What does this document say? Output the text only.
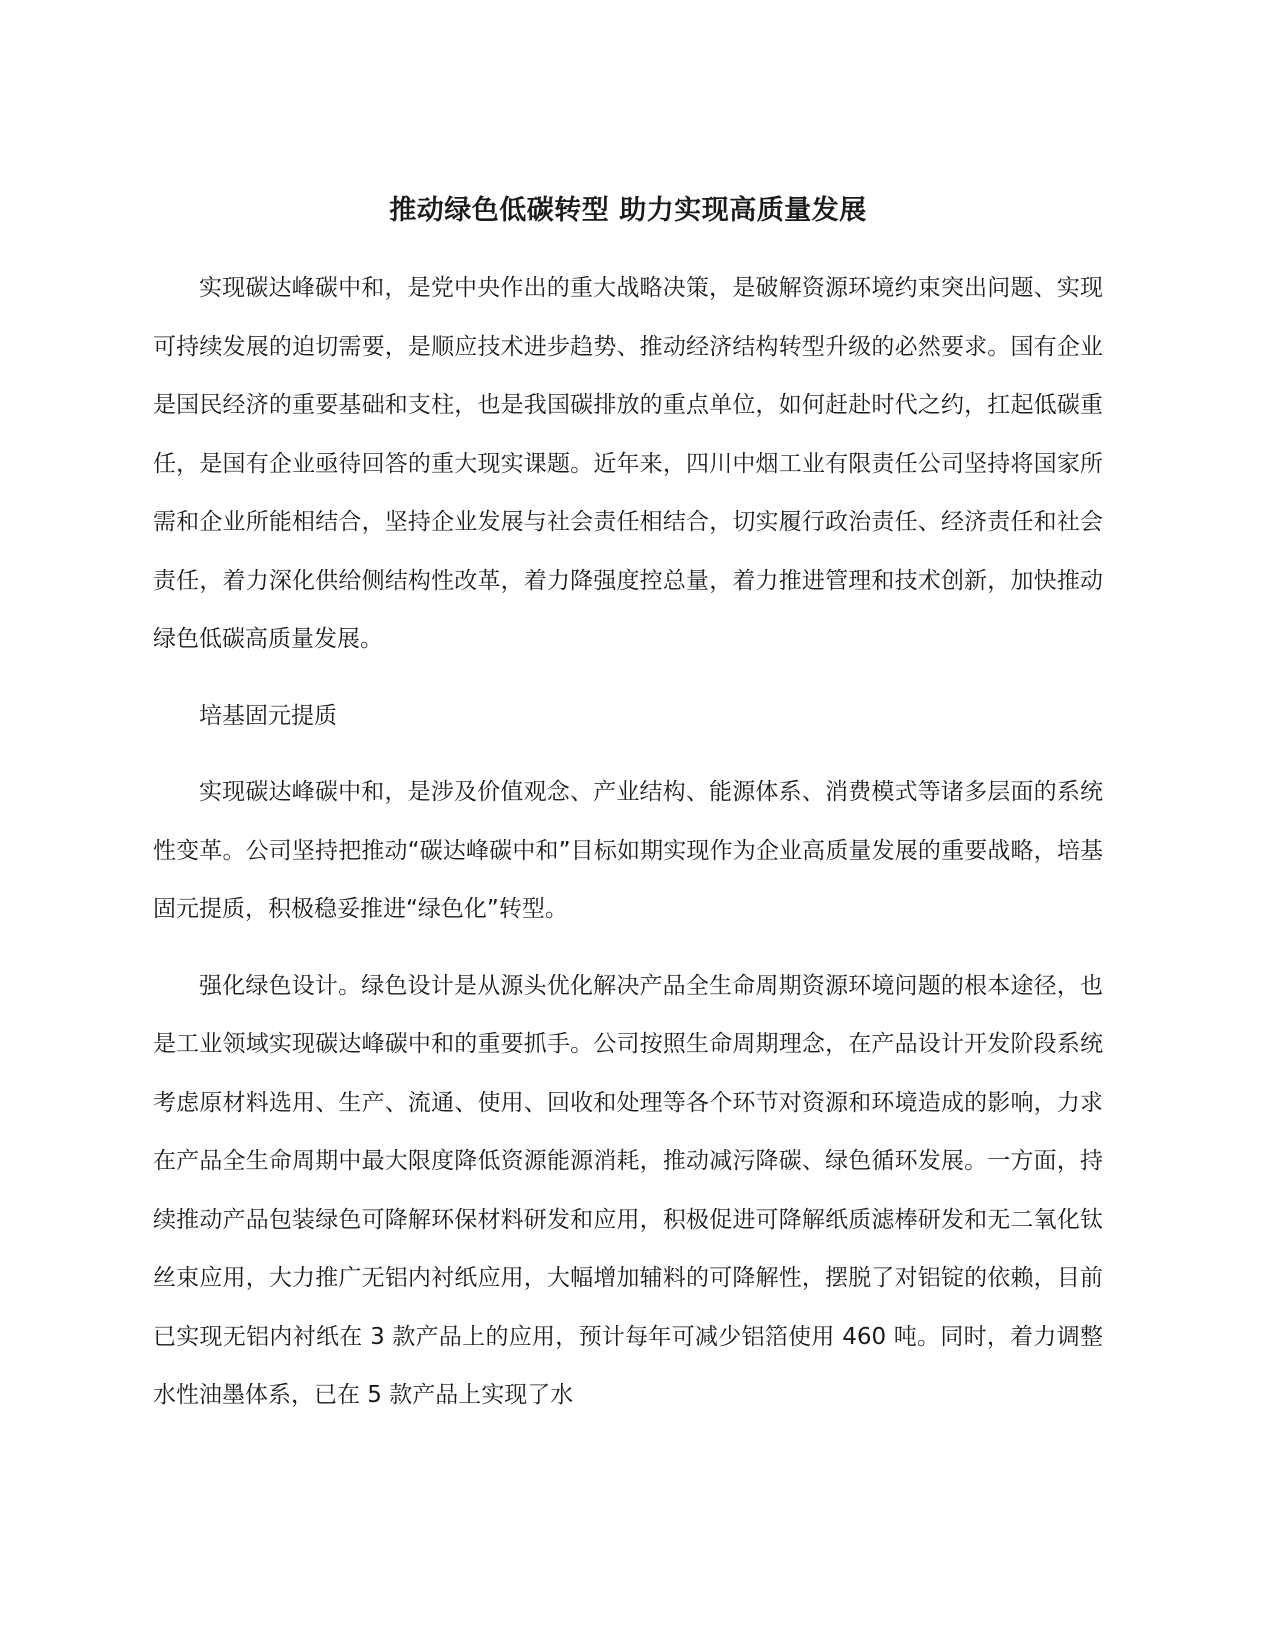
推动绿色低碳转型 助力实现高质量发展

实现碳达峰碳中和，是党中央作出的重大战略决策，是破解资源环境约束突出问题、实现可持续发展的迫切需要，是顺应技术进步趋势、推动经济结构转型升级的必然要求。国有企业是国民经济的重要基础和支柱，也是我国碳排放的重点单位，如何赶赴时代之约，扛起低碳重任，是国有企业亟待回答的重大现实课题。近年来，四川中烟工业有限责任公司坚持将国家所需和企业所能相结合，坚持企业发展与社会责任相结合，切实履行政治责任、经济责任和社会责任，着力深化供给侧结构性改革，着力降强度控总量，着力推进管理和技术创新，加快推动绿色低碳高质量发展。

培基固元提质

实现碳达峰碳中和，是涉及价值观念、产业结构、能源体系、消费模式等诸多层面的系统性变革。公司坚持把推动“碳达峰碳中和”目标如期实现作为企业高质量发展的重要战略，培基固元提质，积极稳妥推进“绿色化”转型。

强化绿色设计。绿色设计是从源头优化解决产品全生命周期资源环境问题的根本途径，也是工业领域实现碳达峰碳中和的重要抓手。公司按照生命周期理念，在产品设计开发阶段系统考虑原材料选用、生产、流通、使用、回收和处理等各个环节对资源和环境造成的影响，力求在产品全生命周期中最大限度降低资源能源消耗，推动减污降碳、绿色循环发展。一方面，持续推动产品包装绿色可降解环保材料研发和应用，积极促进可降解纸质滤棒研发和无二氧化钛丝束应用，大力推广无铝内衬纸应用，大幅增加辅料的可降解性，摆脱了对铝锭的依赖，目前已实现无铝内衬纸在 3 款产品上的应用，预计每年可减少铝箔使用 460 吨。同时，着力调整水性油墨体系，已在 5 款产品上实现了水
